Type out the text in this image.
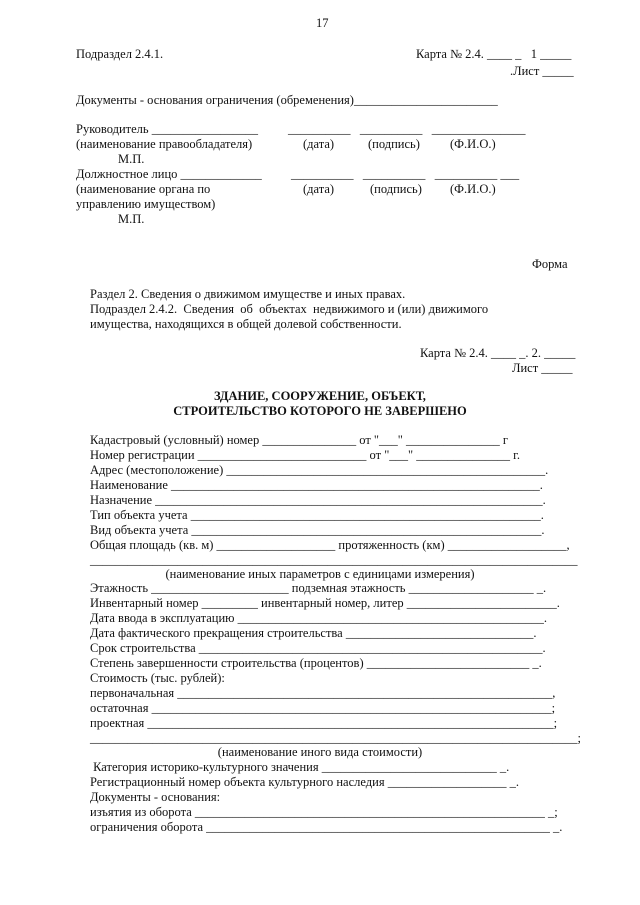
17
Подраздел 2.4.1.	Карта № 2.4. ____ _   1 _____
.Лист _____
Документы - основания ограничения (обременения)_______________________
Руководитель _________________ __________   __________   _______________
(наименование правообладателя)	(дата)	(подпись) (Ф.И.О.)
М.П.
Должностное лицо _____________ __________   __________   __________ ___
(наименование органа по	(дата)	(подпись) (Ф.И.О.)
управлению имуществом)
М.П.
Форма
Раздел 2. Сведения о движимом имуществе и иных правах.
Подраздел 2.4.2.  Сведения  об  объектах  недвижимого и (или) движимого
имущества, находящихся в общей долевой собственности.
Карта № 2.4. ____ _. 2. _____
Лист _____
ЗДАНИЕ, СООРУЖЕНИЕ, ОБЪЕКТ,
СТРОИТЕЛЬСТВО КОТОРОГО НЕ ЗАВЕРШЕНО
Кадастровый (условный) номер _______________ от "___" _______________ г
Номер регистрации ___________________________ от "___" _______________ г.
Адрес (местоположение) ___________________________________________________.
Наименование ___________________________________________________________.
Назначение ______________________________________________________________.
Тип объекта учета ________________________________________________________.
Вид объекта учета ________________________________________________________.
Общая площадь (кв. м) ___________________ протяженность (км) ___________________,
______________________________________________________________________________
(наименование иных параметров с единицами измерения)
Этажность ______________________ подземная этажность ____________________ _.
Инвентарный номер _________ инвентарный номер, литер ________________________.
Дата ввода в эксплуатацию _________________________________________________.
Дата фактического прекращения строительства ______________________________.
Срок строительства _______________________________________________________.
Степень завершенности строительства (процентов) __________________________ _.
Стоимость (тыс. рублей):
первоначальная ____________________________________________________________,
остаточная ________________________________________________________________;
проектная _________________________________________________________________;
______________________________________________________________________________;
(наименование иного вида стоимости)
Категория историко-культурного значения ____________________________ _.
Регистрационный номер объекта культурного наследия ___________________ _.
Документы - основания:
изъятия из оборота ________________________________________________________ _;
ограничения оборота _______________________________________________________ _.
